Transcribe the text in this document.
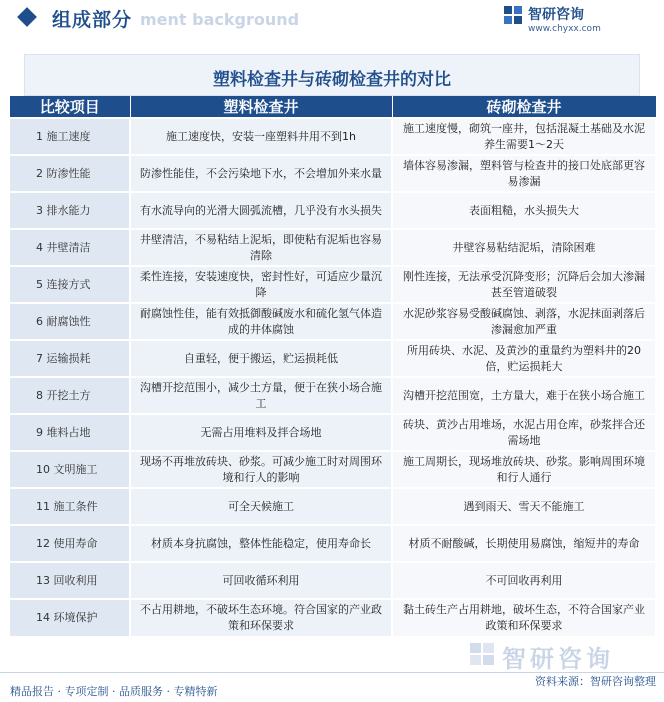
ment background
组成部分	智研咨询
www.chyxx.com
塑料检查井与砖砌检查井的对比
比较项目	塑料检查井	砖砌检查井
1 施工速度	施工速度快，安装一座塑料井用不到1h	施工速度慢，砌筑一座井，包括混凝土基础及水泥养生需要1～2天
2 防渗性能	防渗性能佳，不会污染地下水，不会增加外来水量	墙体容易渗漏，塑料管与检查井的接口处底部更容易渗漏
3 排水能力	有水流导向的光滑大圆弧流槽，几乎没有水头损失	表面粗糙，水头损失大
4 井壁清洁	井壁清洁，不易粘结上泥垢，即使粘有泥垢也容易清除	井壁容易粘结泥垢，清除困难
5 连接方式	柔性连接，安装速度快，密封性好，可适应少量沉降	刚性连接，无法承受沉降变形；沉降后会加大渗漏甚至管道破裂
6 耐腐蚀性	耐腐蚀性佳，能有效抵御酸碱废水和硫化氢气体造成的井体腐蚀	水泥砂浆容易受酸碱腐蚀、剥落，水泥抹面剥落后渗漏愈加严重
7 运输损耗	自重轻，便于搬运，贮运损耗低	所用砖块、水泥、及黄沙的重量约为塑料井的20倍，贮运损耗大
8 开挖土方	沟槽开挖范围小，减少土方量，便于在狭小场合施工	沟槽开挖范围宽，土方量大，难于在狭小场合施工
9 堆料占地	无需占用堆料及拌合场地	砖块、黄沙占用堆场，水泥占用仓库，砂浆拌合还需场地
10 文明施工	现场不再堆放砖块、砂浆。可减少施工时对周围环境和行人的影响	施工周期长，现场堆放砖块、砂浆。影响周围环境和行人通行
11 施工条件	可全天候施工	遇到雨天、雪天不能施工
12 使用寿命	材质本身抗腐蚀，整体性能稳定，使用寿命长	材质不耐酸碱，长期使用易腐蚀，缩短井的寿命
13 回收利用	可回收循环利用	不可回收再利用
14 环境保护	不占用耕地，不破坏生态环境。符合国家的产业政策和环保要求	黏土砖生产占用耕地，破坏生态，不符合国家产业政策和环保要求
智研咨询
精品报告 · 专项定制 · 品质服务 · 专精特新
资料来源：智研咨询整理
